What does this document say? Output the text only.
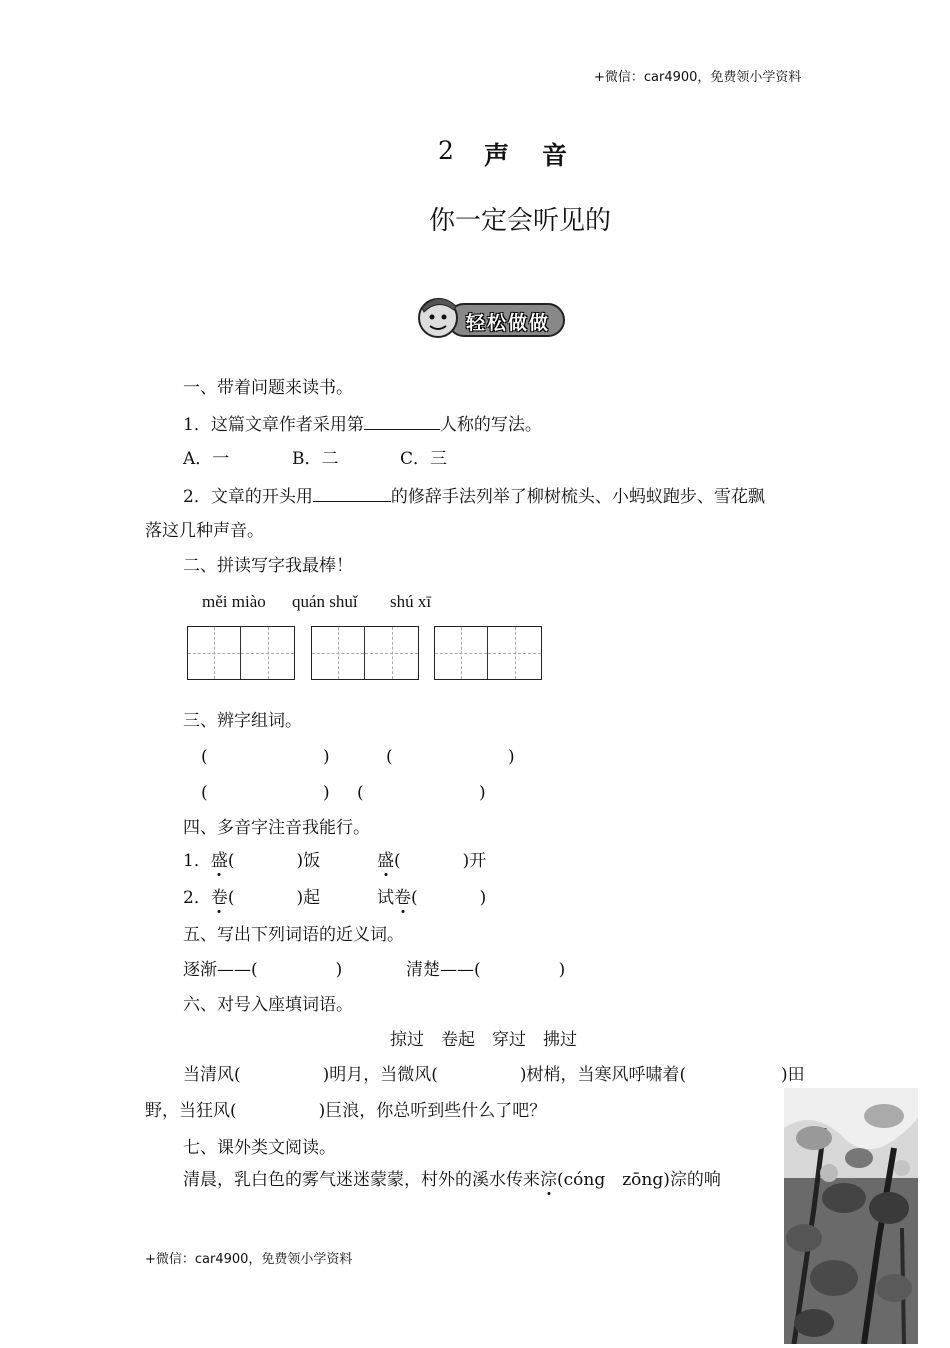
+微信：car4900，免费领小学资料
+微信：car4900，免费领小学资料
2 声　音
你一定会听见的
轻松做做
一、带着问题来读书。
1．这篇文章作者采用第	人称的写法。
A．一	B．二	C．三
2．文章的开头用	的修辞手法列举了柳树梳头、小蚂蚁跑步、雪花飘
落这几种声音。
二、拼读写字我最棒！
měi miào quán shuǐ shú xī
三、辨字组词。
(	)	(	)
(	) (	)
四、多音字注音我能行。
1．盛(	)饭	盛(	)开
2．卷(	)起	试卷(	)
五、写出下列词语的近义词。
逐渐——(	)	清楚——(	)
六、对号入座填词语。
掠过　卷起　穿过　拂过
当清风(	)明月，当微风(	)树梢，当寒风呼啸着(	)田
野，当狂风(	)巨浪，你总听到些什么了吧？
七、课外类文阅读。
清晨，乳白色的雾气迷迷蒙蒙，村外的溪水传来淙(cóng　zōng)淙的响
